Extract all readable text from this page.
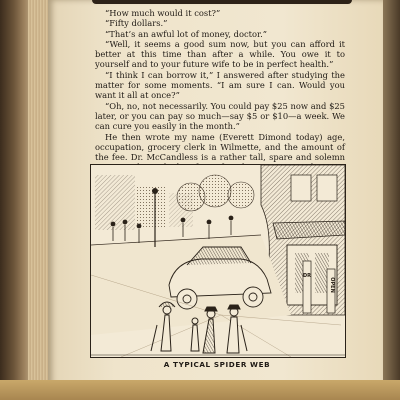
“How much would it cost?”

“Fifty dollars.”

“That’s an awful lot of money, doctor.”

“Well, it seems a good sum now, but you can afford it better at this time than after a while. You owe it to yourself and to your future wife to be in perfect health.”

“I think I can borrow it,” I answered after studying the matter for some moments. “I am sure I can. Would you want it all at once?”

“Oh, no, not necessarily. You could pay $25 now and $25 later, or you can pay so much—say $5 or $10—a week. We can cure you easily in the month.”

He then wrote my name (Everett Dimond today) age, occupation, grocery clerk in Wilmette, and the amount of the fee. Dr. McCandless is a rather tall, spare and solemn

DR
OPEN
A TYPICAL SPIDER WEB
